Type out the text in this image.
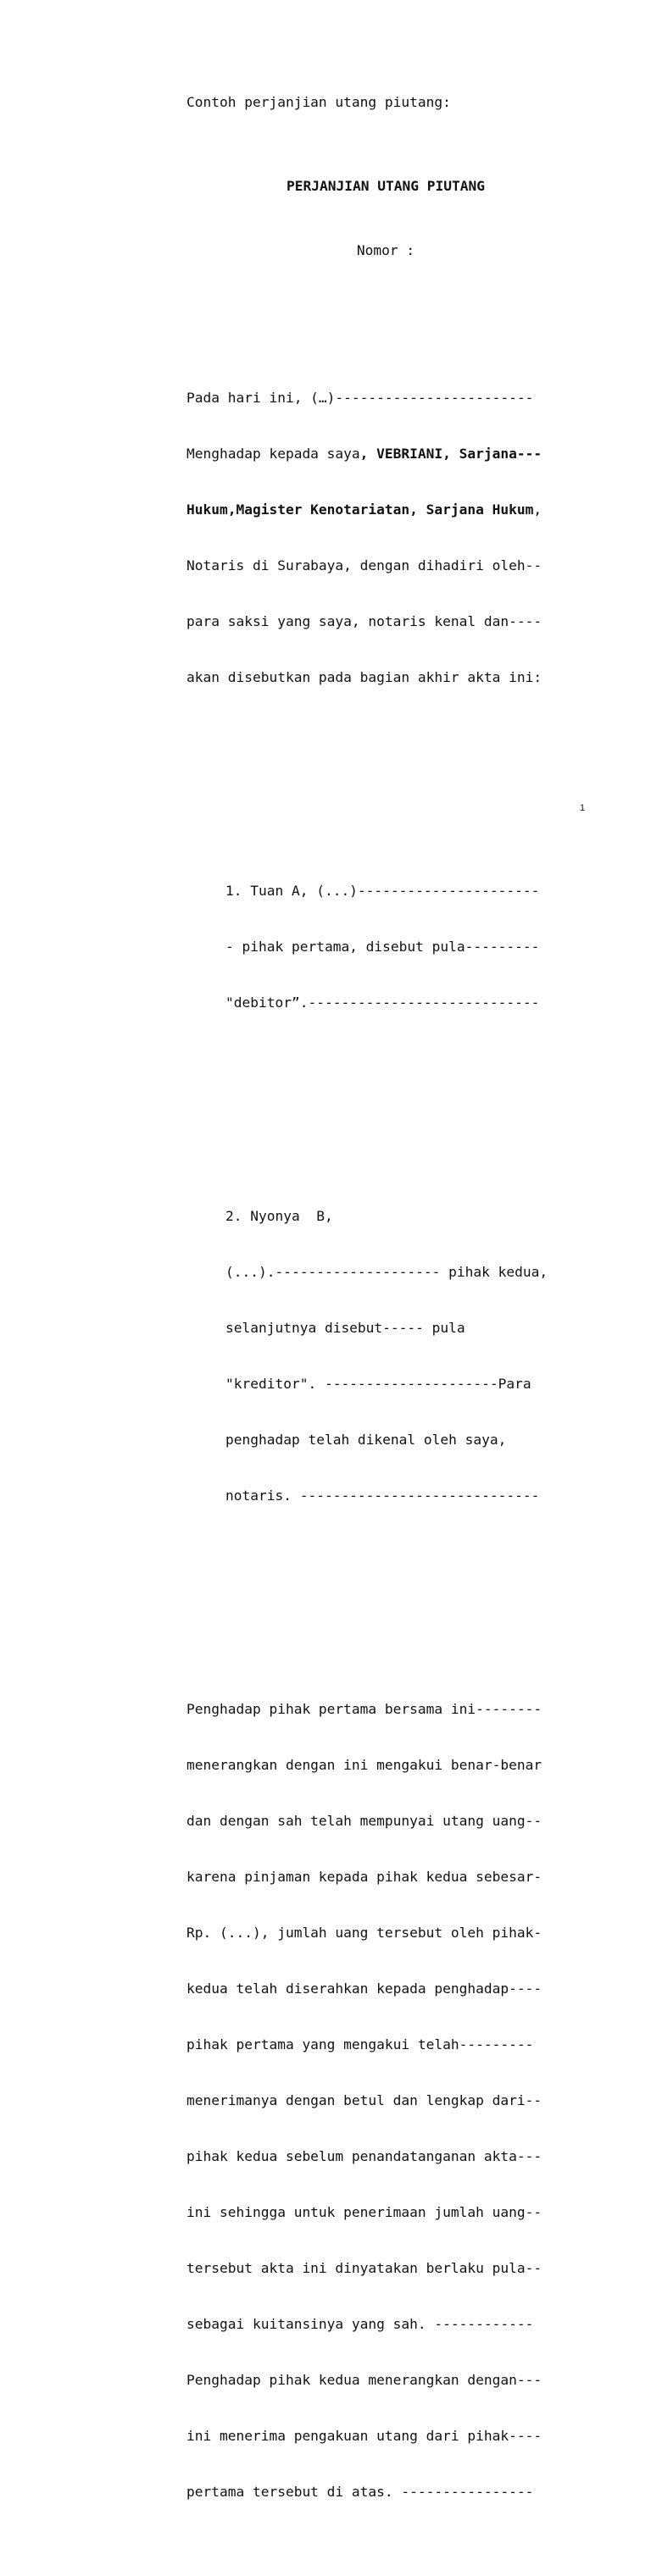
Contoh perjanjian utang piutang:

PERJANJIAN UTANG PIUTANG

Nomor :

Pada hari ini, (…)------------------------

Menghadap kepada saya, VEBRIANI, Sarjana---

Hukum,Magister Kenotariatan, Sarjana Hukum,

Notaris di Surabaya, dengan dihadiri oleh--

para saksi yang saya, notaris kenal dan----

akan disebutkan pada bagian akhir akta ini:

1. Tuan A, (...)----------------------

- pihak pertama, disebut pula---------

"debitor”.----------------------------

2. Nyonya  B,

(...).-------------------- pihak kedua,

selanjutnya disebut----- pula

"kreditor". ---------------------Para

penghadap telah dikenal oleh saya,

notaris. -----------------------------

Penghadap pihak pertama bersama ini--------

menerangkan dengan ini mengakui benar-benar

dan dengan sah telah mempunyai utang uang--

karena pinjaman kepada pihak kedua sebesar-

Rp. (...), jumlah uang tersebut oleh pihak-

kedua telah diserahkan kepada penghadap----

pihak pertama yang mengakui telah---------

menerimanya dengan betul dan lengkap dari--

pihak kedua sebelum penandatanganan akta---

ini sehingga untuk penerimaan jumlah uang--

tersebut akta ini dinyatakan berlaku pula--

sebagai kuitansinya yang sah. ------------

Penghadap pihak kedua menerangkan dengan---

ini menerima pengakuan utang dari pihak----

pertama tersebut di atas. ----------------

1
